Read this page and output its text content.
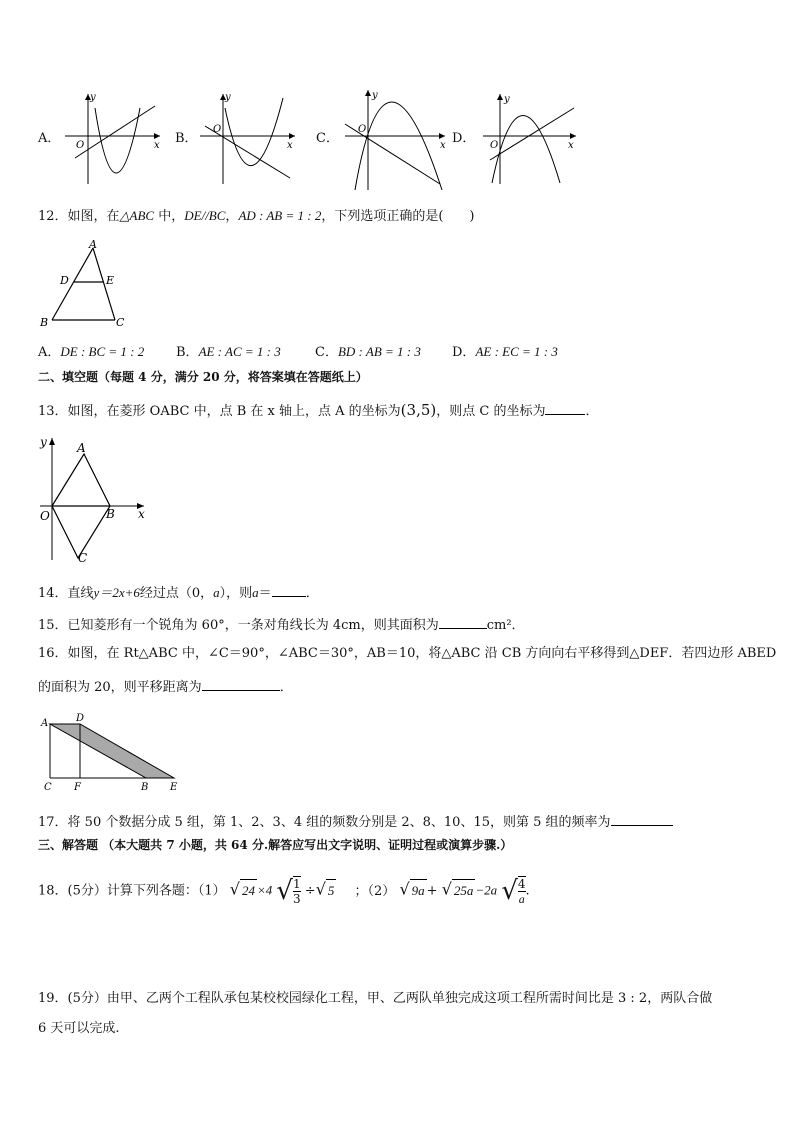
A．
y
O	x B．
y
O
x C．
y
O
x D．
y
O	x
12．如图，在△ABC 中，DE//BC，AD : AB = 1 : 2，下列选项正确的是(　　)
A
D	E
B	C
A．DE : BC = 1 : 2 B．AE : AC = 1 : 3	C．BD : AB = 1 : 3 D．AE : EC = 1 : 3
二、填空题（每题 4 分，满分 20 分，将答案填在答题纸上）
13．如图，在菱形 OABC 中，点 B 在 x 轴上，点 A 的坐标为(3,5)，则点 C 的坐标为	．
y	A
O	B x
C
14．直线y＝2x+6经过点（0，a），则a＝	．
15．已知菱形有一个锐角为 60°，一条对角线长为 4cm，则其面积为	cm²．
16．如图，在 Rt△ABC 中，∠C＝90°，∠ABC＝30°，AB＝10，将△ABC 沿 CB 方向向右平移得到△DEF．若四边形 ABED
的面积为 20，则平移距离为	．
A	D
C F	B E
17．将 50 个数据分成 5 组，第 1、2、3、4 组的频数分别是 2、8、10、15，则第 5 组的频率为
三、解答题 （本大题共 7 小题，共 64 分.解答应写出文字说明、证明过程或演算步骤.）
18．(5分）计算下列各题：（1） √ 24 ×4 √ $\frac{1}{3}$ ÷√ 5 ；（2） √ 9a + √ 25a −2a √ $\frac{4}{a}$ .
19．(5分）由甲、乙两个工程队承包某校校园绿化工程，甲、乙两队单独完成这项工程所需时间比是 3 : 2，两队合做
6 天可以完成.
